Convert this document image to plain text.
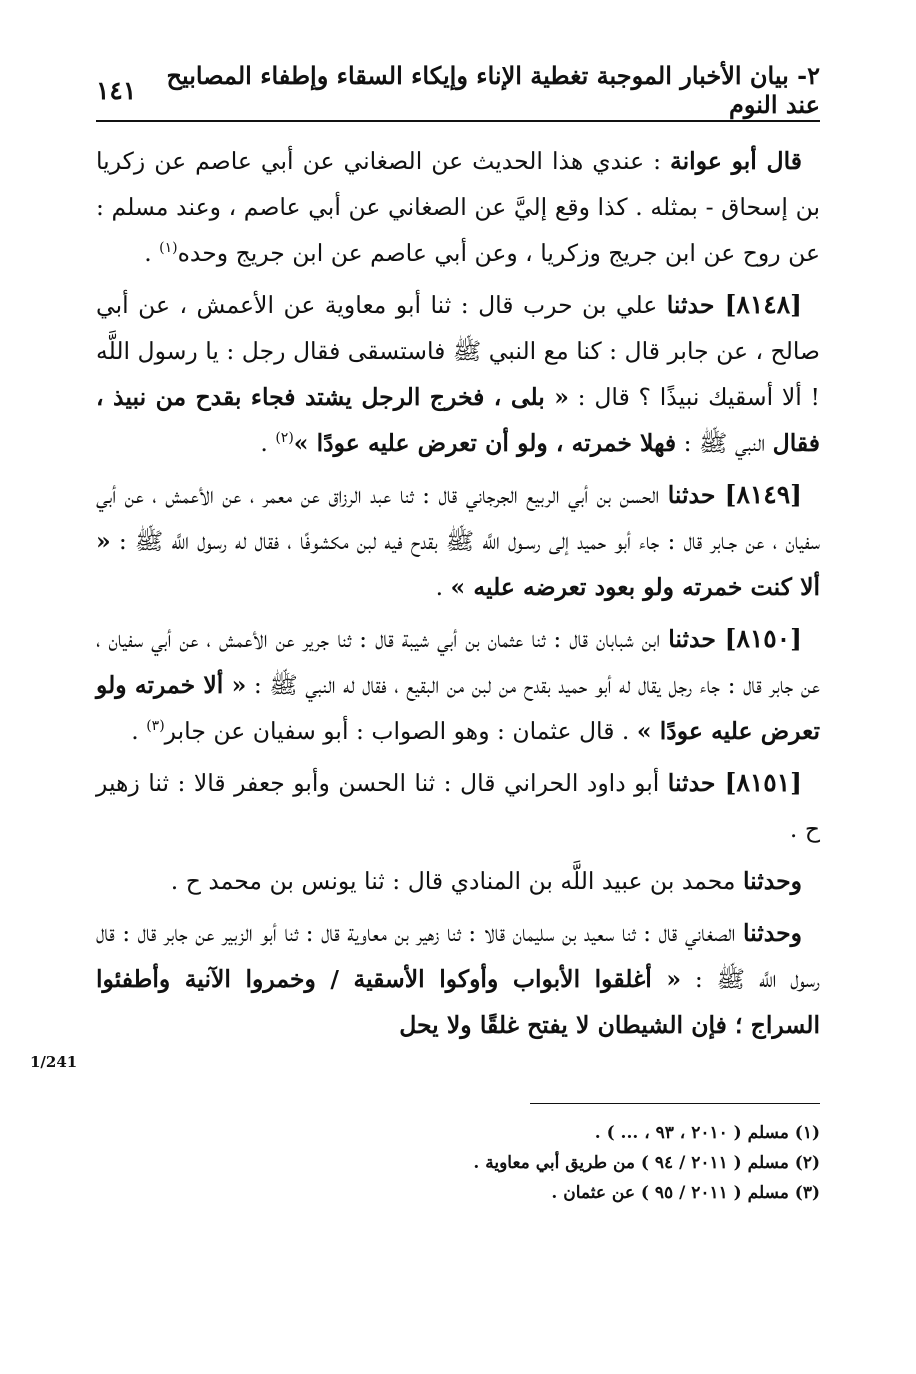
٢- بيان الأخبار الموجبة تغطية الإناء وإيكاء السقاء وإطفاء المصابيح عند النوم
١٤١

قال أبو عوانة : عندي هذا الحديث عن الصغاني عن أبي عاصم عن زكريا بن إسحاق - بمثله . كذا وقع إليَّ عن الصغاني عن أبي عاصم ، وعند مسلم : عن روح عن ابن جريج وزكريا ، وعن أبي عاصم عن ابن جريج وحده$^{(١)}$ .

[٨١٤٨] حدثنا علي بن حرب قال : ثنا أبو معاوية عن الأعمش ، عن أبي صالح ، عن جابر قال : كنا مع النبي ﷺ فاستسقى فقال رجل : يا رسول اللَّه ! ألا أسقيك نبيذًا ؟ قال : « بلى ، فخرج الرجل يشتد فجاء بقدح من نبيذ ، فقال النبي ﷺ : فهلا خمرته ، ولو أن تعرض عليه عودًا »$^{(٢)}$ .

[٨١٤٩] حدثنا الحسن بن أبي الربيع الجرجاني قال : ثنا عبد الرزاق عن معمر ، عن الأعمش ، عن أبي سفيان ، عن جـابر قال : جاء أبو حميد إلى رسـول اللَّه ﷺ بقدح فيه لبن مكشوفًا ، فقال له رسول اللَّه ﷺ : « ألا كنت خمرته ولو بعود تعرضه عليه » .

[٨١٥٠] حدثنا ابن شبابان قال : ثنا عثمان بن أبي شيبة قال : ثنا جرير عن الأعمش ، عن أبي سفيان ، عن جابر قال : جاء رجل يقال له أبو حميد بقدح من لبن من البقيع ، فقال له النبي ﷺ : « ألا خمرته ولو تعرض عليه عودًا » . قال عثمان : وهو الصواب : أبو سفيان عن جابر$^{(٣)}$ .

[٨١٥١] حدثنا أبو داود الحراني قال : ثنا الحسن وأبو جعفر قالا : ثنا زهير ح .

وحدثنا محمد بن عبيد اللَّه بن المنادي قال : ثنا يونس بن محمد ح .

وحدثنا الصغاني قال : ثنا سعيد بن سليمان قالا : ثنا زهير بن معاوية قال : ثنا أبو الزبير عن جابر قال : قال رسول اللَّه ﷺ : « أغلقوا الأبواب وأوكوا الأسقية / وخمروا الآنية وأطفئوا السراج ؛ فإن الشيطان لا يفتح غلقًا ولا يحل

1/241
(١) مسلم ( ٢٠١٠ ، ٩٣ ، ... ) .
(٢) مسلم ( ٢٠١١ / ٩٤ ) من طريق أبي معاوية .
(٣) مسلم ( ٢٠١١ / ٩٥ ) عن عثمان .
